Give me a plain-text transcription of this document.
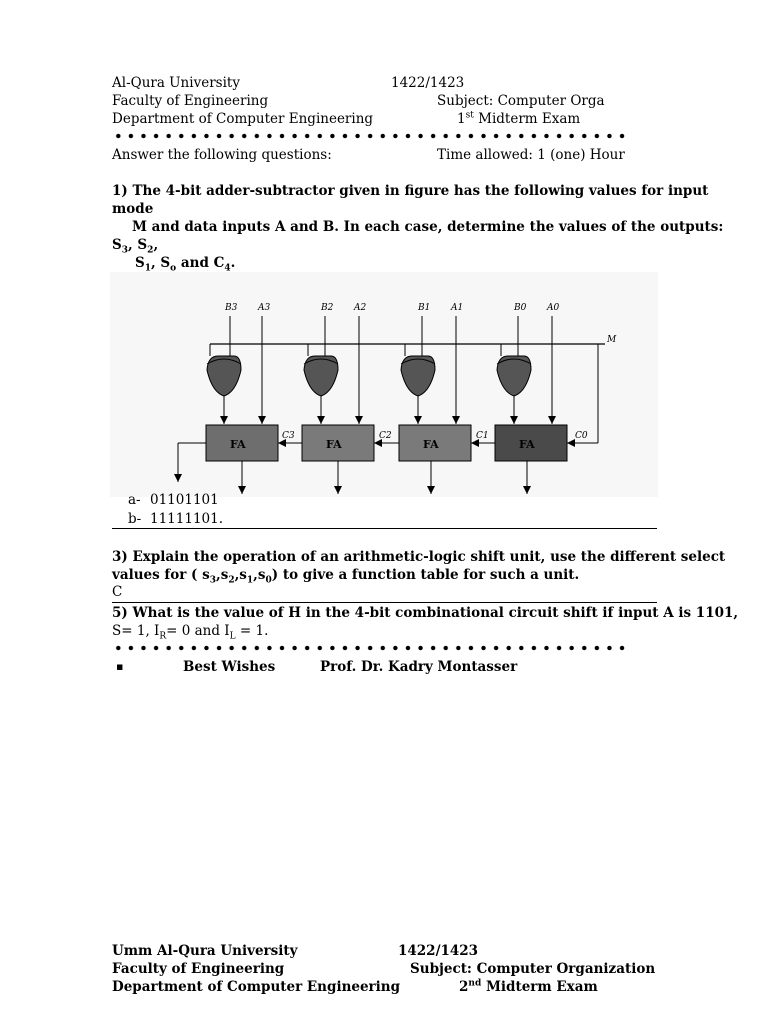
Al-Qura University	1422/1423
Faculty of Engineering	Subject: Computer Orga
Department of Computer Engineering	1st Midterm Exam
Answer the following questions:	Time allowed: 1 (one) Hour
1) The 4-bit adder-subtractor given in figure has the following values for input
mode
M and data inputs A and B. In each case, determine the values of the outputs:
$S_3$, $S_2$,
$S_1$, $S_o$ and $C_4$.
M
B3 A3
FA
B2 A2
FA
B1 A1
FA
B0 A0
FA
C0
C1
C2
C3
a- 01101101
b- 11111101.
3) Explain the operation of an arithmetic-logic shift unit, use the different select
values for ( $s_3,s_2,s_1,s_0$) to give a function table for such a unit.
C
5) What is the value of H in the 4-bit combinational circuit shift if input A is 1101,
S= 1, $I_R= 0$ and $I_L = 1$.
▪	Best Wishes	Prof. Dr. Kadry Montasser
Umm Al-Qura University	1422/1423
Faculty of Engineering	Subject: Computer Organization
Department of Computer Engineering	2nd Midterm Exam
